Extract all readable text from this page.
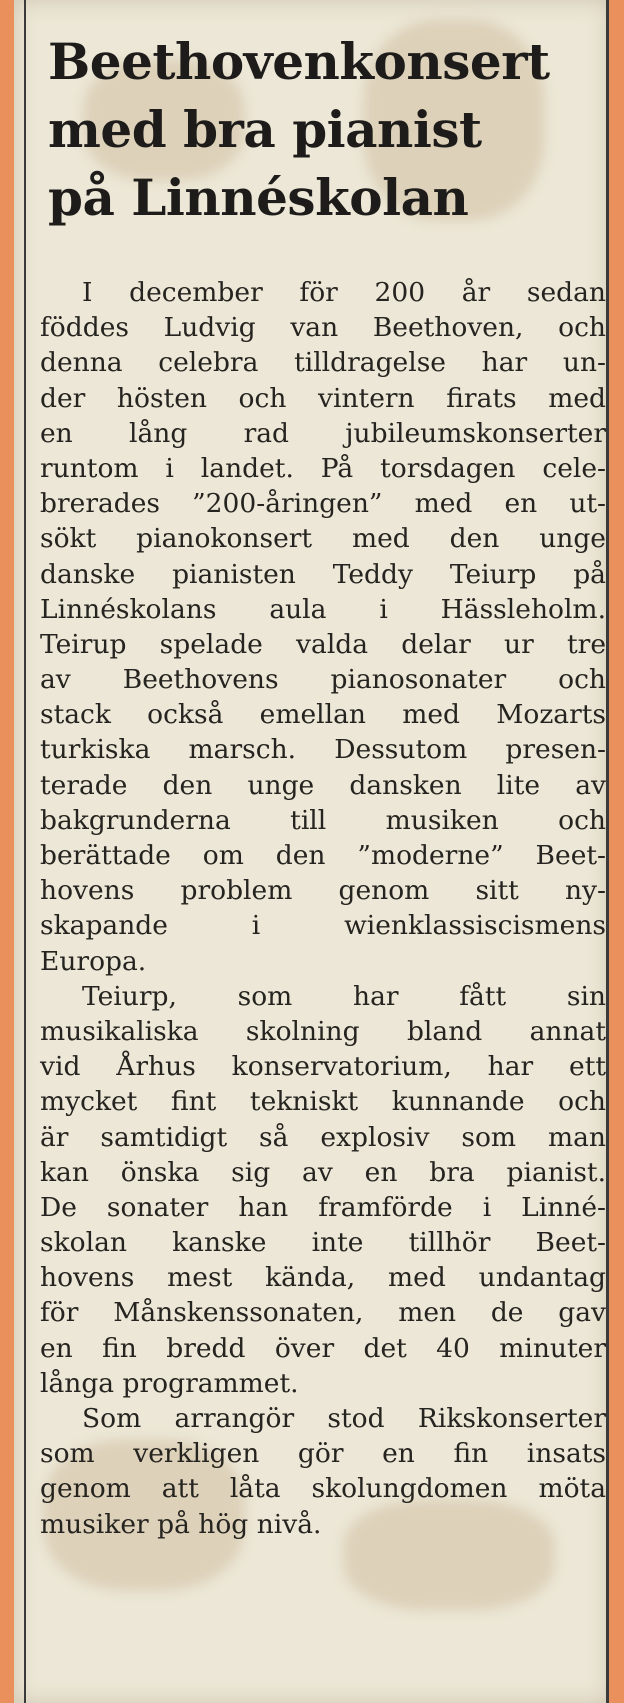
Beethovenkonsert
med bra pianist
på Linnéskolan
I december för 200 år sedan
föddes Ludvig van Beethoven, och
denna celebra tilldragelse har un-
der hösten och vintern firats med
en lång rad jubileumskonserter
runtom i landet. På torsdagen cele-
brerades ”200-åringen” med en ut-
sökt pianokonsert med den unge
danske pianisten Teddy Teiurp på
Linnéskolans aula i Hässleholm.
Teirup spelade valda delar ur tre
av Beethovens pianosonater och
stack också emellan med Mozarts
turkiska marsch. Dessutom presen-
terade den unge dansken lite av
bakgrunderna till musiken och
berättade om den ”moderne” Beet-
hovens problem genom sitt ny-
skapande i wienklassiscismens
Europa.
Teiurp, som har fått sin
musikaliska skolning bland annat
vid Århus konservatorium, har ett
mycket fint tekniskt kunnande och
är samtidigt så explosiv som man
kan önska sig av en bra pianist.
De sonater han framförde i Linné-
skolan kanske inte tillhör Beet-
hovens mest kända, med undantag
för Månskenssonaten, men de gav
en fin bredd över det 40 minuter
långa programmet.
Som arrangör stod Rikskonserter
som verkligen gör en fin insats
genom att låta skolungdomen möta
musiker på hög nivå.
